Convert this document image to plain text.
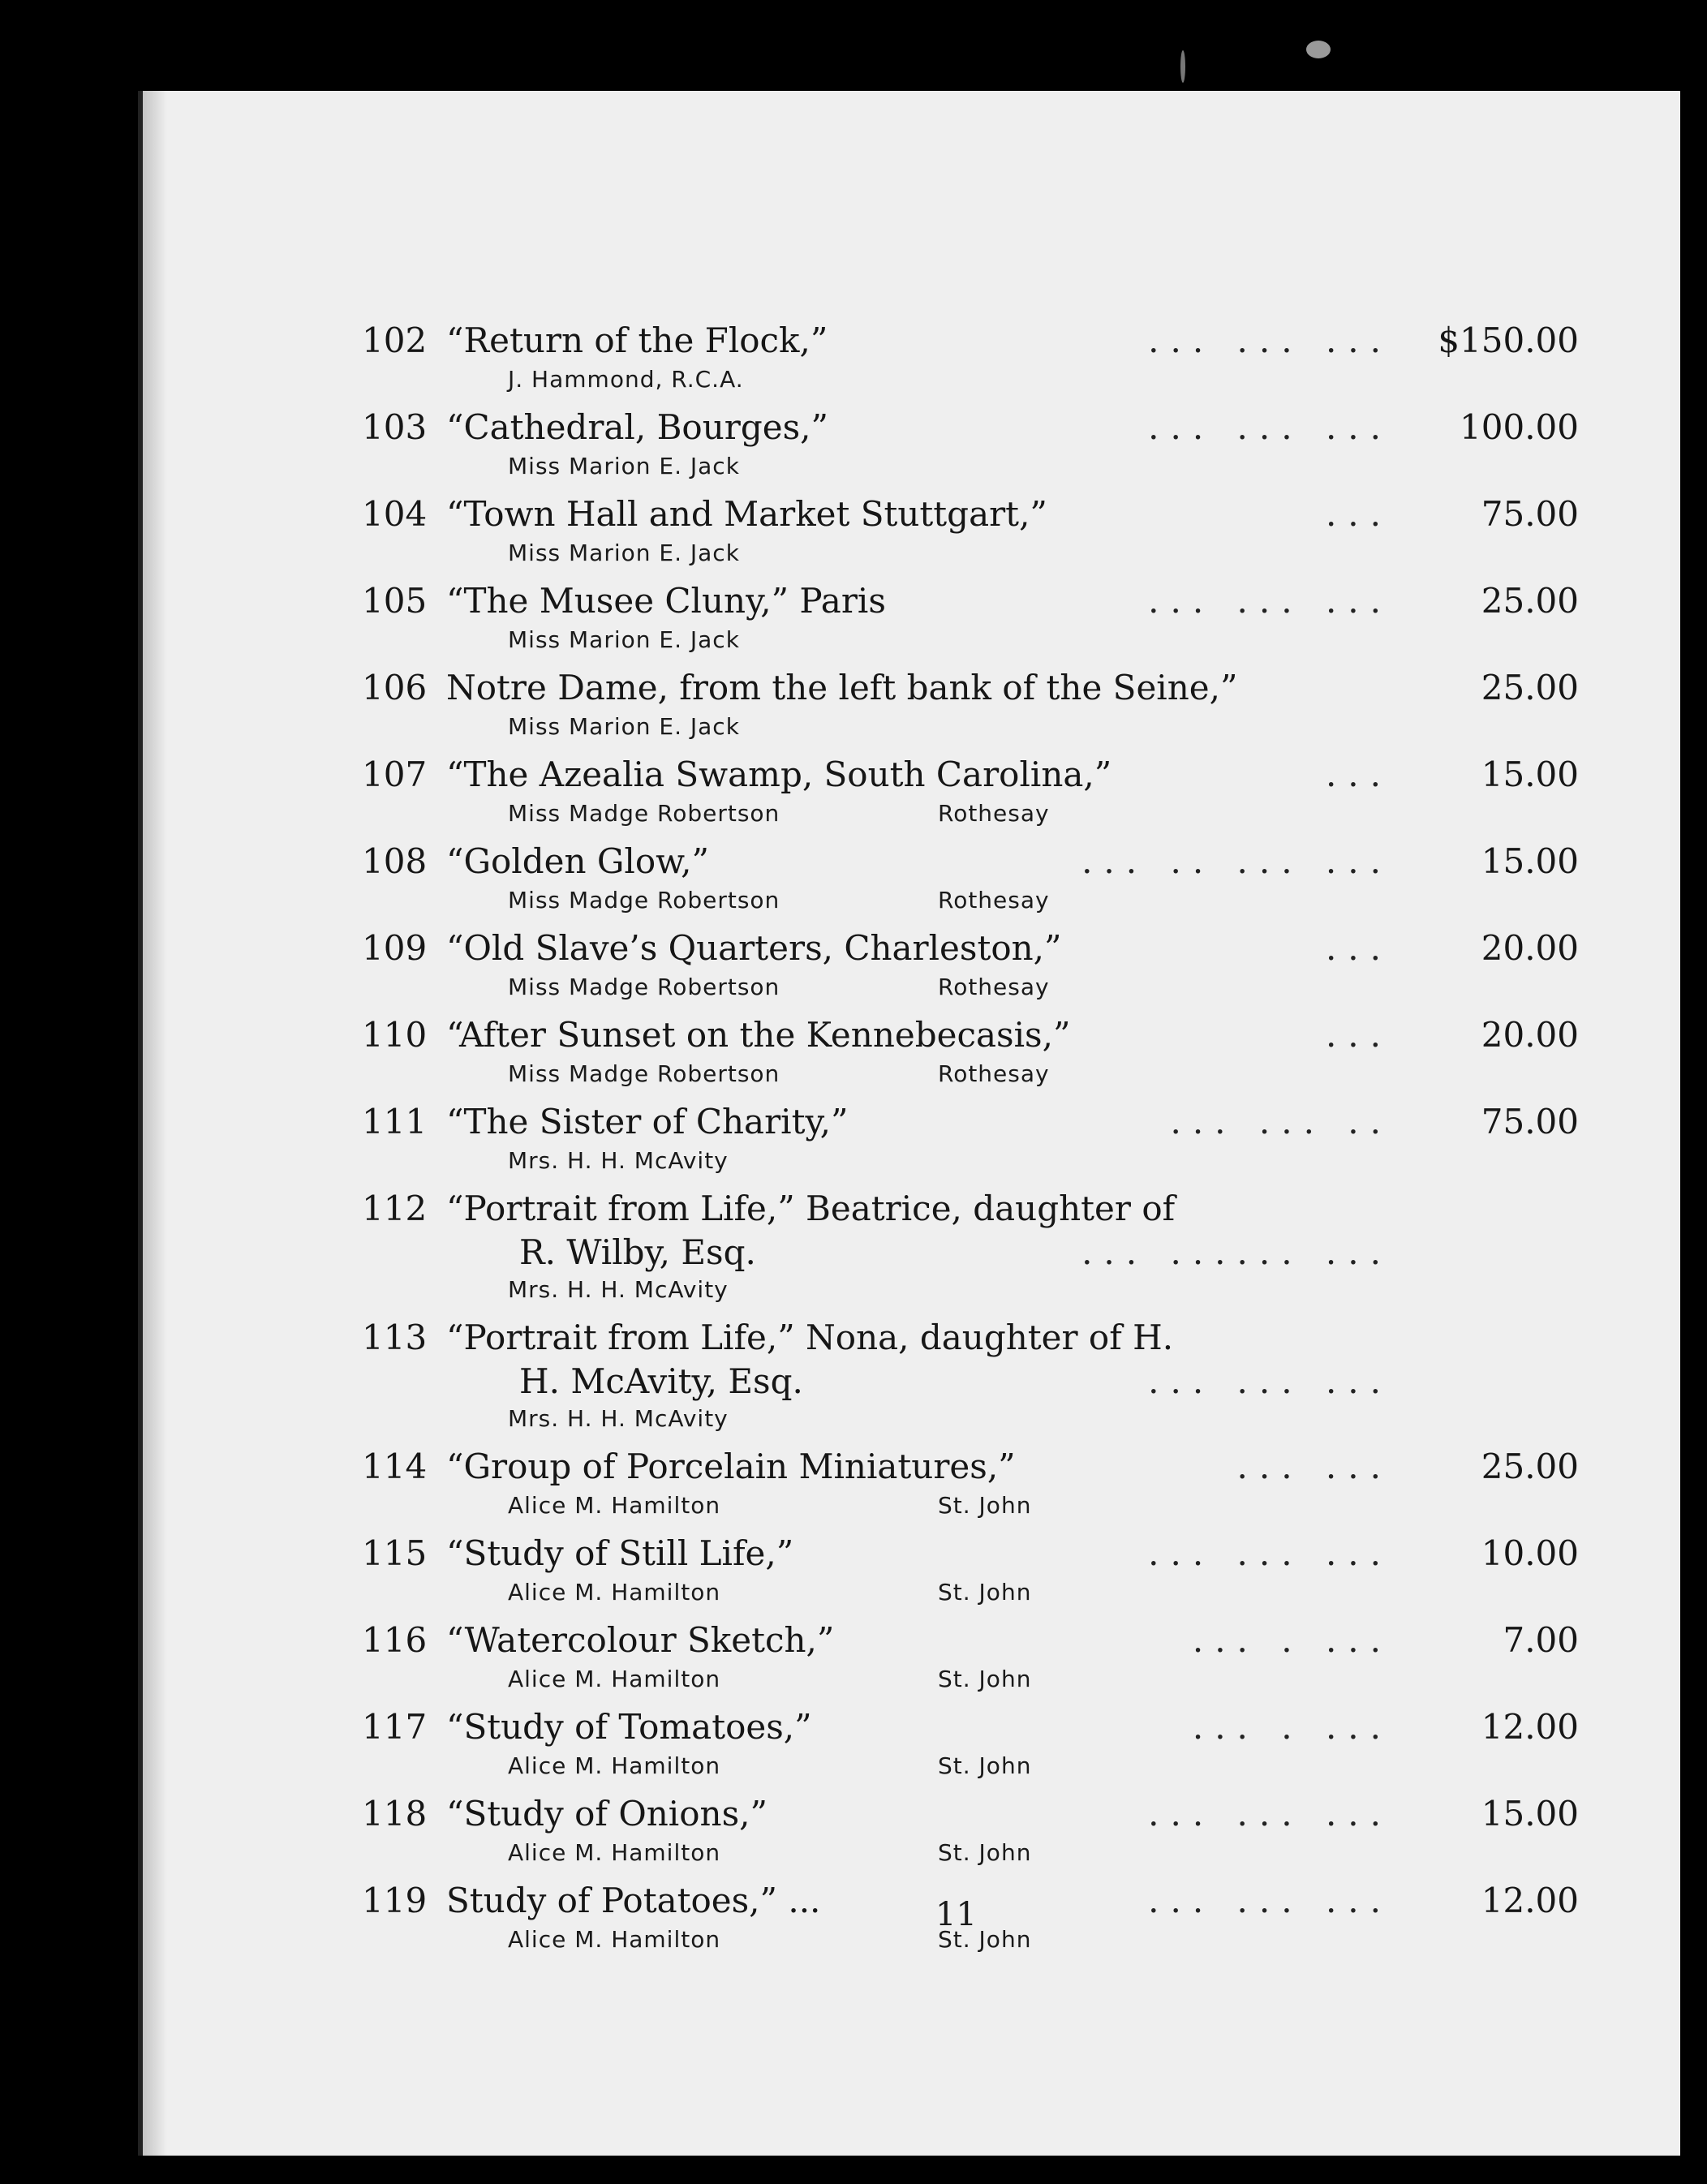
102 “Return of the Flock,”	... ... ...	$150.00
J. Hammond, R.C.A.
103 “Cathedral, Bourges,”	... ... ...	100.00
Miss Marion E. Jack
104 “Town Hall and Market Stuttgart,”	...	75.00
Miss Marion E. Jack
105 “The Musee Cluny,” Paris	... ... ...	25.00
Miss Marion E. Jack
106 Notre Dame, from the left bank of the Seine,”	25.00
Miss Marion E. Jack
107 “The Azealia Swamp, South Carolina,”	...	15.00
Miss Madge Robertson	Rothesay
108 “Golden Glow,”	... .. ... ...	15.00
Miss Madge Robertson	Rothesay
109 “Old Slave’s Quarters, Charleston,”	...	20.00
Miss Madge Robertson	Rothesay
110 “After Sunset on the Kennebecasis,”	...	20.00
Miss Madge Robertson	Rothesay
111 “The Sister of Charity,”	... ... ..	75.00
Mrs. H. H. McAvity
112 “Portrait from Life,” Beatrice, daughter of
R. Wilby, Esq.	... ...... ...
Mrs. H. H. McAvity
113 “Portrait from Life,” Nona, daughter of H.
H. McAvity, Esq.	... ... ...
Mrs. H. H. McAvity
114 “Group of Porcelain Miniatures,”	... ...	25.00
Alice M. Hamilton	St. John
115 “Study of Still Life,”	... ... ...	10.00
Alice M. Hamilton	St. John
116 “Watercolour Sketch,”	... . ...	7.00
Alice M. Hamilton	St. John
117 “Study of Tomatoes,”	... . ...	12.00
Alice M. Hamilton	St. John
118 “Study of Onions,”	... ... ...	15.00
Alice M. Hamilton	St. John
119 Study of Potatoes,” ...	... ... ...	12.00
Alice M. Hamilton	St. John
11
